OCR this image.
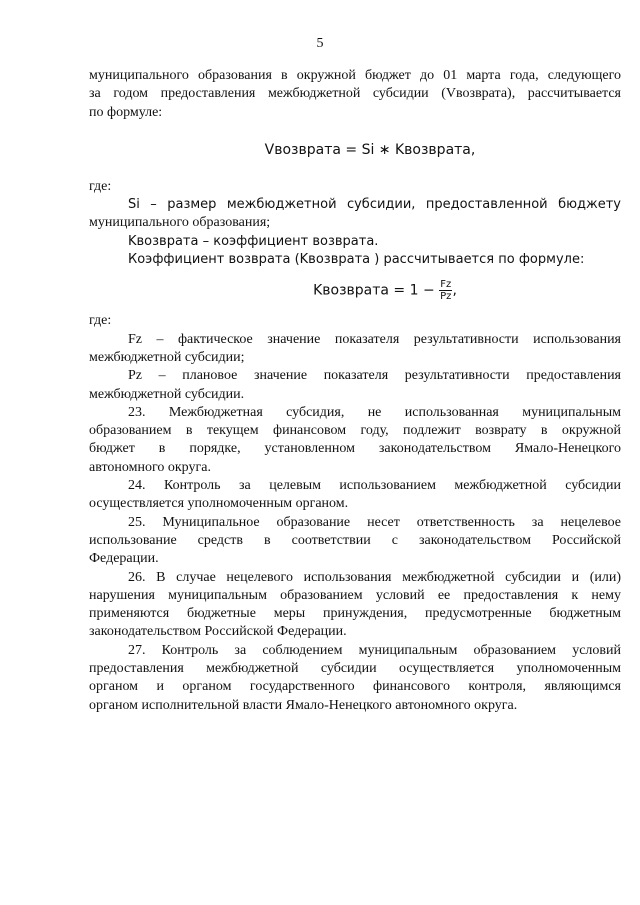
5

муниципального образования в окружной бюджет до 01 марта года, следующего

за годом предоставления межбюджетной субсидии (Vвозврата), рассчитывается

по формуле:

Vвозврата = Si ∗ Kвозврата,

где:

Si – размер межбюджетной субсидии, предоставленной бюджету

муниципального образования;

Kвозврата – коэффициент возврата.

Коэффициент возврата (Kвозврата ) рассчитывается по формуле:

Kвозврата = $1 - \frac{Fz}{Pz}$ ,

где:

Fz – фактическое значение показателя результативности использования

межбюджетной субсидии;

Pz – плановое значение показателя результативности предоставления

межбюджетной субсидии.

23. Межбюджетная субсидия, не использованная муниципальным

образованием в текущем финансовом году, подлежит возврату в окружной

бюджет в порядке, установленном законодательством Ямало-Ненецкого

автономного округа.

24. Контроль за целевым использованием межбюджетной субсидии

осуществляется уполномоченным органом.

25. Муниципальное образование несет ответственность за нецелевое

использование средств в соответствии с законодательством Российской

Федерации.

26. В случае нецелевого использования межбюджетной субсидии и (или)

нарушения муниципальным образованием условий ее предоставления к нему

применяются бюджетные меры принуждения, предусмотренные бюджетным

законодательством Российской Федерации.

27. Контроль за соблюдением муниципальным образованием условий

предоставления межбюджетной субсидии осуществляется уполномоченным

органом и органом государственного финансового контроля, являющимся

органом исполнительной власти Ямало-Ненецкого автономного округа.
